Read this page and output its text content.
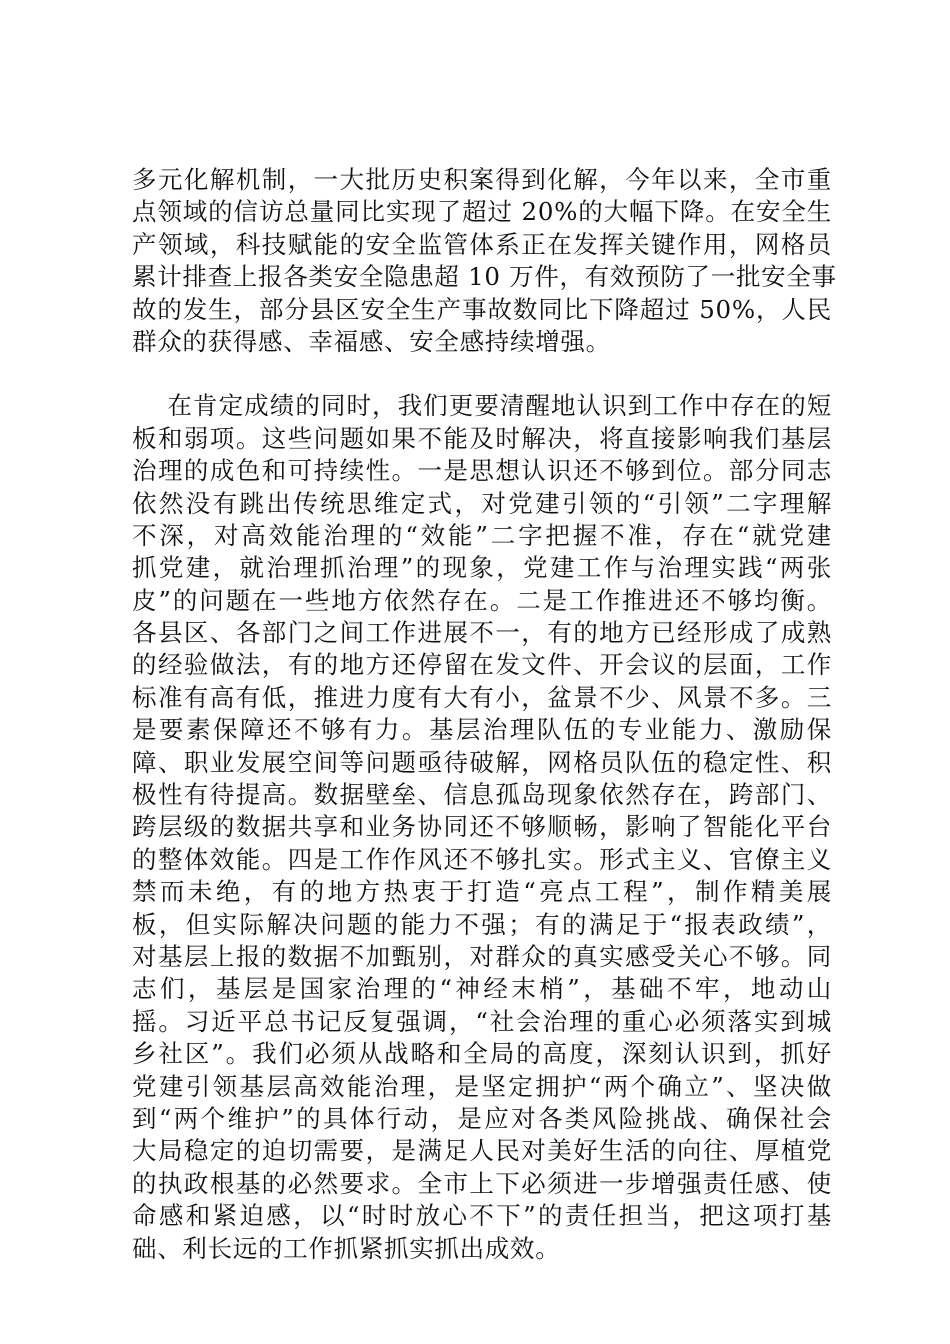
多元化解机制，一大批历史积案得到化解，今年以来，全市重
点领域的信访总量同比实现了超过 20%的大幅下降。在安全生
产领域，科技赋能的安全监管体系正在发挥关键作用，网格员
累计排查上报各类安全隐患超 10 万件，有效预防了一批安全事
故的发生，部分县区安全生产事故数同比下降超过 50%，人民
群众的获得感、幸福感、安全感持续增强。
在肯定成绩的同时，我们更要清醒地认识到工作中存在的短
板和弱项。这些问题如果不能及时解决，将直接影响我们基层
治理的成色和可持续性。一是思想认识还不够到位。部分同志
依然没有跳出传统思维定式，对党建引领的“引领”二字理解
不深，对高效能治理的“效能”二字把握不准，存在“就党建
抓党建，就治理抓治理”的现象，党建工作与治理实践“两张
皮”的问题在一些地方依然存在。二是工作推进还不够均衡。
各县区、各部门之间工作进展不一，有的地方已经形成了成熟
的经验做法，有的地方还停留在发文件、开会议的层面，工作
标准有高有低，推进力度有大有小，盆景不少、风景不多。三
是要素保障还不够有力。基层治理队伍的专业能力、激励保
障、职业发展空间等问题亟待破解，网格员队伍的稳定性、积
极性有待提高。数据壁垒、信息孤岛现象依然存在，跨部门、
跨层级的数据共享和业务协同还不够顺畅，影响了智能化平台
的整体效能。四是工作作风还不够扎实。形式主义、官僚主义
禁而未绝，有的地方热衷于打造“亮点工程”，制作精美展
板，但实际解决问题的能力不强；有的满足于“报表政绩”，
对基层上报的数据不加甄别，对群众的真实感受关心不够。同
志们，基层是国家治理的“神经末梢”，基础不牢，地动山
摇。习近平总书记反复强调，“社会治理的重心必须落实到城
乡社区”。我们必须从战略和全局的高度，深刻认识到，抓好
党建引领基层高效能治理，是坚定拥护“两个确立”、坚决做
到“两个维护”的具体行动，是应对各类风险挑战、确保社会
大局稳定的迫切需要，是满足人民对美好生活的向往、厚植党
的执政根基的必然要求。全市上下必须进一步增强责任感、使
命感和紧迫感，以“时时放心不下”的责任担当，把这项打基
础、利长远的工作抓紧抓实抓出成效。
